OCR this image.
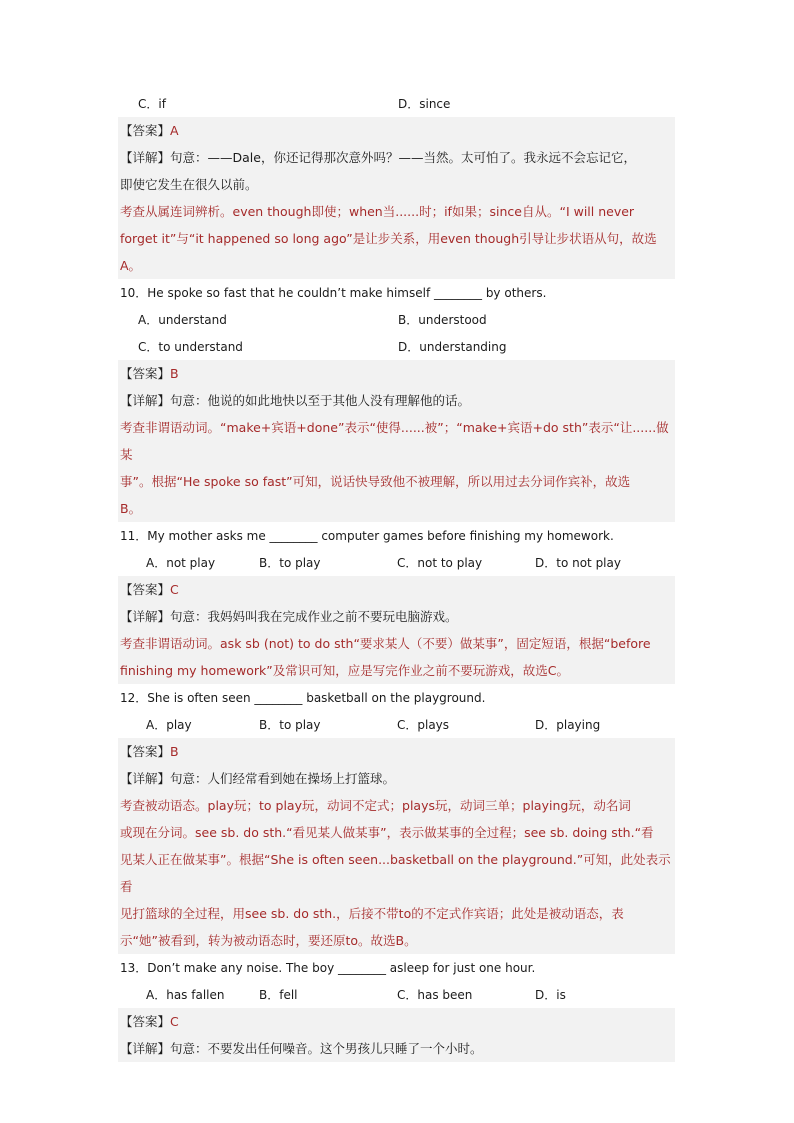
C．if	D．since

【答案】A

【详解】句意：——Dale，你还记得那次意外吗？——当然。太可怕了。我永远不会忘记它，

即使它发生在很久以前。

考查从属连词辨析。even though即使；when当......时；if如果；since自从。“I will never

forget it”与“it happened so long ago”是让步关系，用even though引导让步状语从句，故选

A。

10．He spoke so fast that he couldn’t make himself ________ by others.
A．understand	B．understood
C．to understand	D．understanding

【答案】B

【详解】句意：他说的如此地快以至于其他人没有理解他的话。

考查非谓语动词。“make+宾语+done”表示“使得......被”；“make+宾语+do sth”表示“让......做某

事”。根据“He spoke so fast”可知，说话快导致他不被理解，所以用过去分词作宾补，故选

B。

11．My mother asks me ________ computer games before finishing my homework.
A．not play	B．to play	C．not to play	D．to not play

【答案】C

【详解】句意：我妈妈叫我在完成作业之前不要玩电脑游戏。

考查非谓语动词。ask sb (not) to do sth“要求某人（不要）做某事”，固定短语，根据“before

finishing my homework”及常识可知，应是写完作业之前不要玩游戏，故选C。

12．She is often seen ________ basketball on the playground.
A．play	B．to play	C．plays	D．playing

【答案】B

【详解】句意：人们经常看到她在操场上打篮球。

考查被动语态。play玩；to play玩，动词不定式；plays玩，动词三单；playing玩，动名词

或现在分词。see sb. do sth.“看见某人做某事”，表示做某事的全过程；see sb. doing sth.“看

见某人正在做某事”。根据“She is often seen...basketball on the playground.”可知，此处表示看

见打篮球的全过程，用see sb. do sth.，后接不带to的不定式作宾语；此处是被动语态，表

示“她”被看到，转为被动语态时，要还原to。故选B。

13．Don’t make any noise. The boy ________ asleep for just one hour.
A．has fallen	B．fell	C．has been	D．is

【答案】C

【详解】句意：不要发出任何噪音。这个男孩儿只睡了一个小时。
